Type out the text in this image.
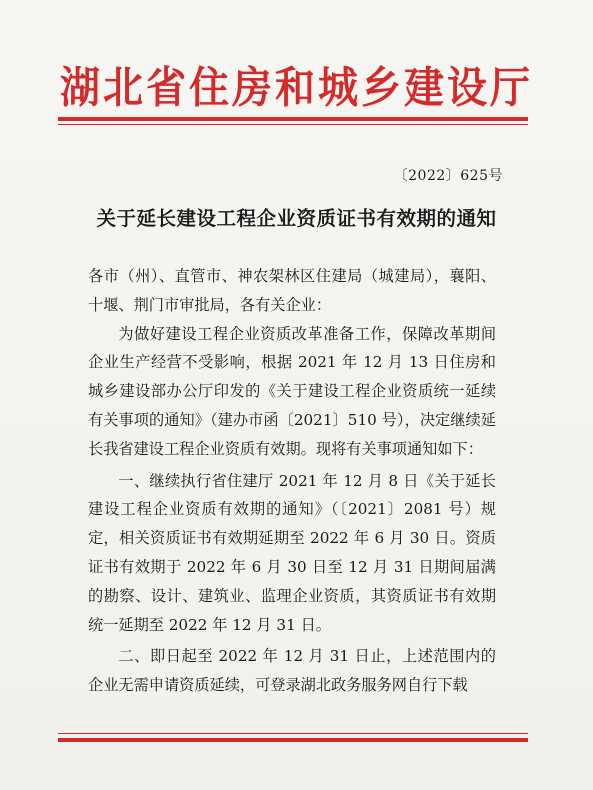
湖北省住房和城乡建设厅
〔2022〕625号
关于延长建设工程企业资质证书有效期的通知

各市（州）、直管市、神农架林区住建局（城建局），襄阳、十堰、荆门市审批局，各有关企业：

为做好建设工程企业资质改革准备工作，保障改革期间企业生产经营不受影响，根据 2021 年 12 月 13 日住房和城乡建设部办公厅印发的《关于建设工程企业资质统一延续有关事项的通知》（建办市函〔2021〕510 号），决定继续延长我省建设工程企业资质有效期。现将有关事项通知如下：

一、继续执行省住建厅 2021 年 12 月 8 日《关于延长建设工程企业资质有效期的通知》（〔2021〕2081 号）规定，相关资质证书有效期延期至 2022 年 6 月 30 日。资质证书有效期于 2022 年 6 月 30 日至 12 月 31 日期间届满的勘察、设计、建筑业、监理企业资质，其资质证书有效期统一延期至 2022 年 12 月 31 日。

二、即日起至 2022 年 12 月 31 日止，上述范围内的企业无需申请资质延续，可登录湖北政务服务网自行下载
